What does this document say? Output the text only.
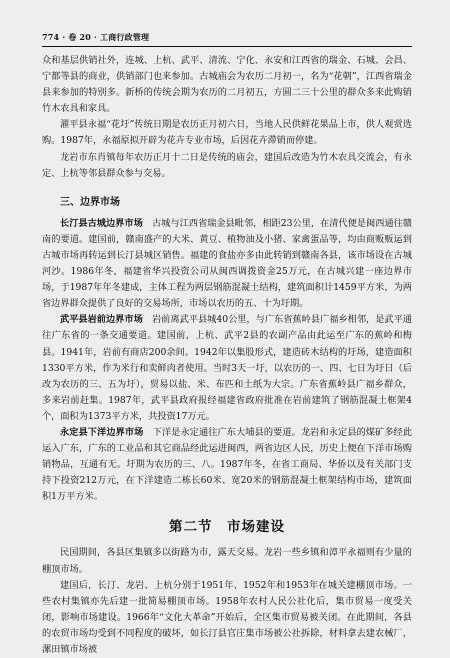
774 · 卷 20 · 工商行政管理

众和基层供销社外，连城、上杭、武平、清流、宁化、永安和江西省的瑞金、石城、会昌、宁都等县的商业，供销部门也来参加。古城庙会为农历二月初一，名为“花朝”，江西省瑞金县来参加的特别多。新桥的传统会期为农历的二月初五，方圆二三十公里的群众多来此购销竹木农具和家具。

濯平县永福“花圩”传统日期是农历正月初六日，当地人民供鲜花果品上市，供人观赏选购。1987年，永福原拟开辟为花卉专业市场，后因花卉滞销而停建。

龙岩市东肖镇每年农历正月十二日是传统的庙会，建国后改造为竹木农具交流会，有永定、上杭等邻县群众参与交易。

三、边界市场

长汀县古城边界市场　 古城与江西省瑞金县毗邻，相距23公里，在清代便是闽西通往赣南的要道。建国前，赣南盛产的大米、黄豆、植物油及小猪、家禽蛋品等，均由商贩贩运到古城市场再转运到长汀县城区销售。福建的食盐亦多由此转销到赣南各县，该市场设在古城河沙。1986年冬，福建省华兴投资公司从闽西调拨资金25万元，在古城兴建一座边界市场，于1987年年冬建成，主体工程为两层钢筋混凝土结构，建筑面积计1459平方米，为两省边界群众提供了良好的交易场所，市场以农历的五、十为圩期。

武平县岩前边界市场　 岩前离武平县城40公里，与广东省蕉岭县广福乡相邻，是武平通往广东省的一条交通要道。建国前，上杭、武平2县的农副产品由此运至广东的蕉岭和梅县。1941年，岩前有商店200余间。1942年以集股形式，建造砖木结构的圩场，建造面积1330平方米，作为米行和卖鲜肉者使用。当时3天一圩，以农历的一、四、七日为圩日（后改为农历的三、五为圩），贸易以盐、米、布匹和土纸为大宗。广东省蕉岭县广福乡群众，多来岩前赶集。1987年，武平县政府报经福建省政府批准在岩前建筑了钢筋混凝土框架4个，面积为1373平方米，共投资17万元。

永定县下洋边界市场　 下洋是永定通往广东大埔县的要道。龙岩和永定县的煤矿多经此运入广东，广东的工业品和其它商品经此运进闽西，两省边区人民，历史上便在下洋市场购销物品，互通有无。圩期为农历的三、八。1987年冬，在省工商局、华侨以及有关部门支持下投资212万元，在下洋建造二栋长60米、宽20米的钢筋混凝土框架结构市场，建筑面积1万平方米。

第二节　市场建设

民国期间，各县区集镇多以街路为市，露天交易。龙岩一些乡镇和漳平永福则有少量的棚顶市场。

建国后，长汀、龙岩、上杭分别于1951年、1952年和1953年在城关建棚顶市场。一些农村集镇亦先后建一批简易棚顶市场。1958年农村人民公社化后，集市贸易一度受关闭，影响市场建设。1966年“文化大革命”开始后，全区集市贸易被关闭。在此期间，各县的农贸市场均受到不同程度的破坏，如长汀县官庄集市场被公社拆除，材料拿去建农械厂，漯田镇市场被
